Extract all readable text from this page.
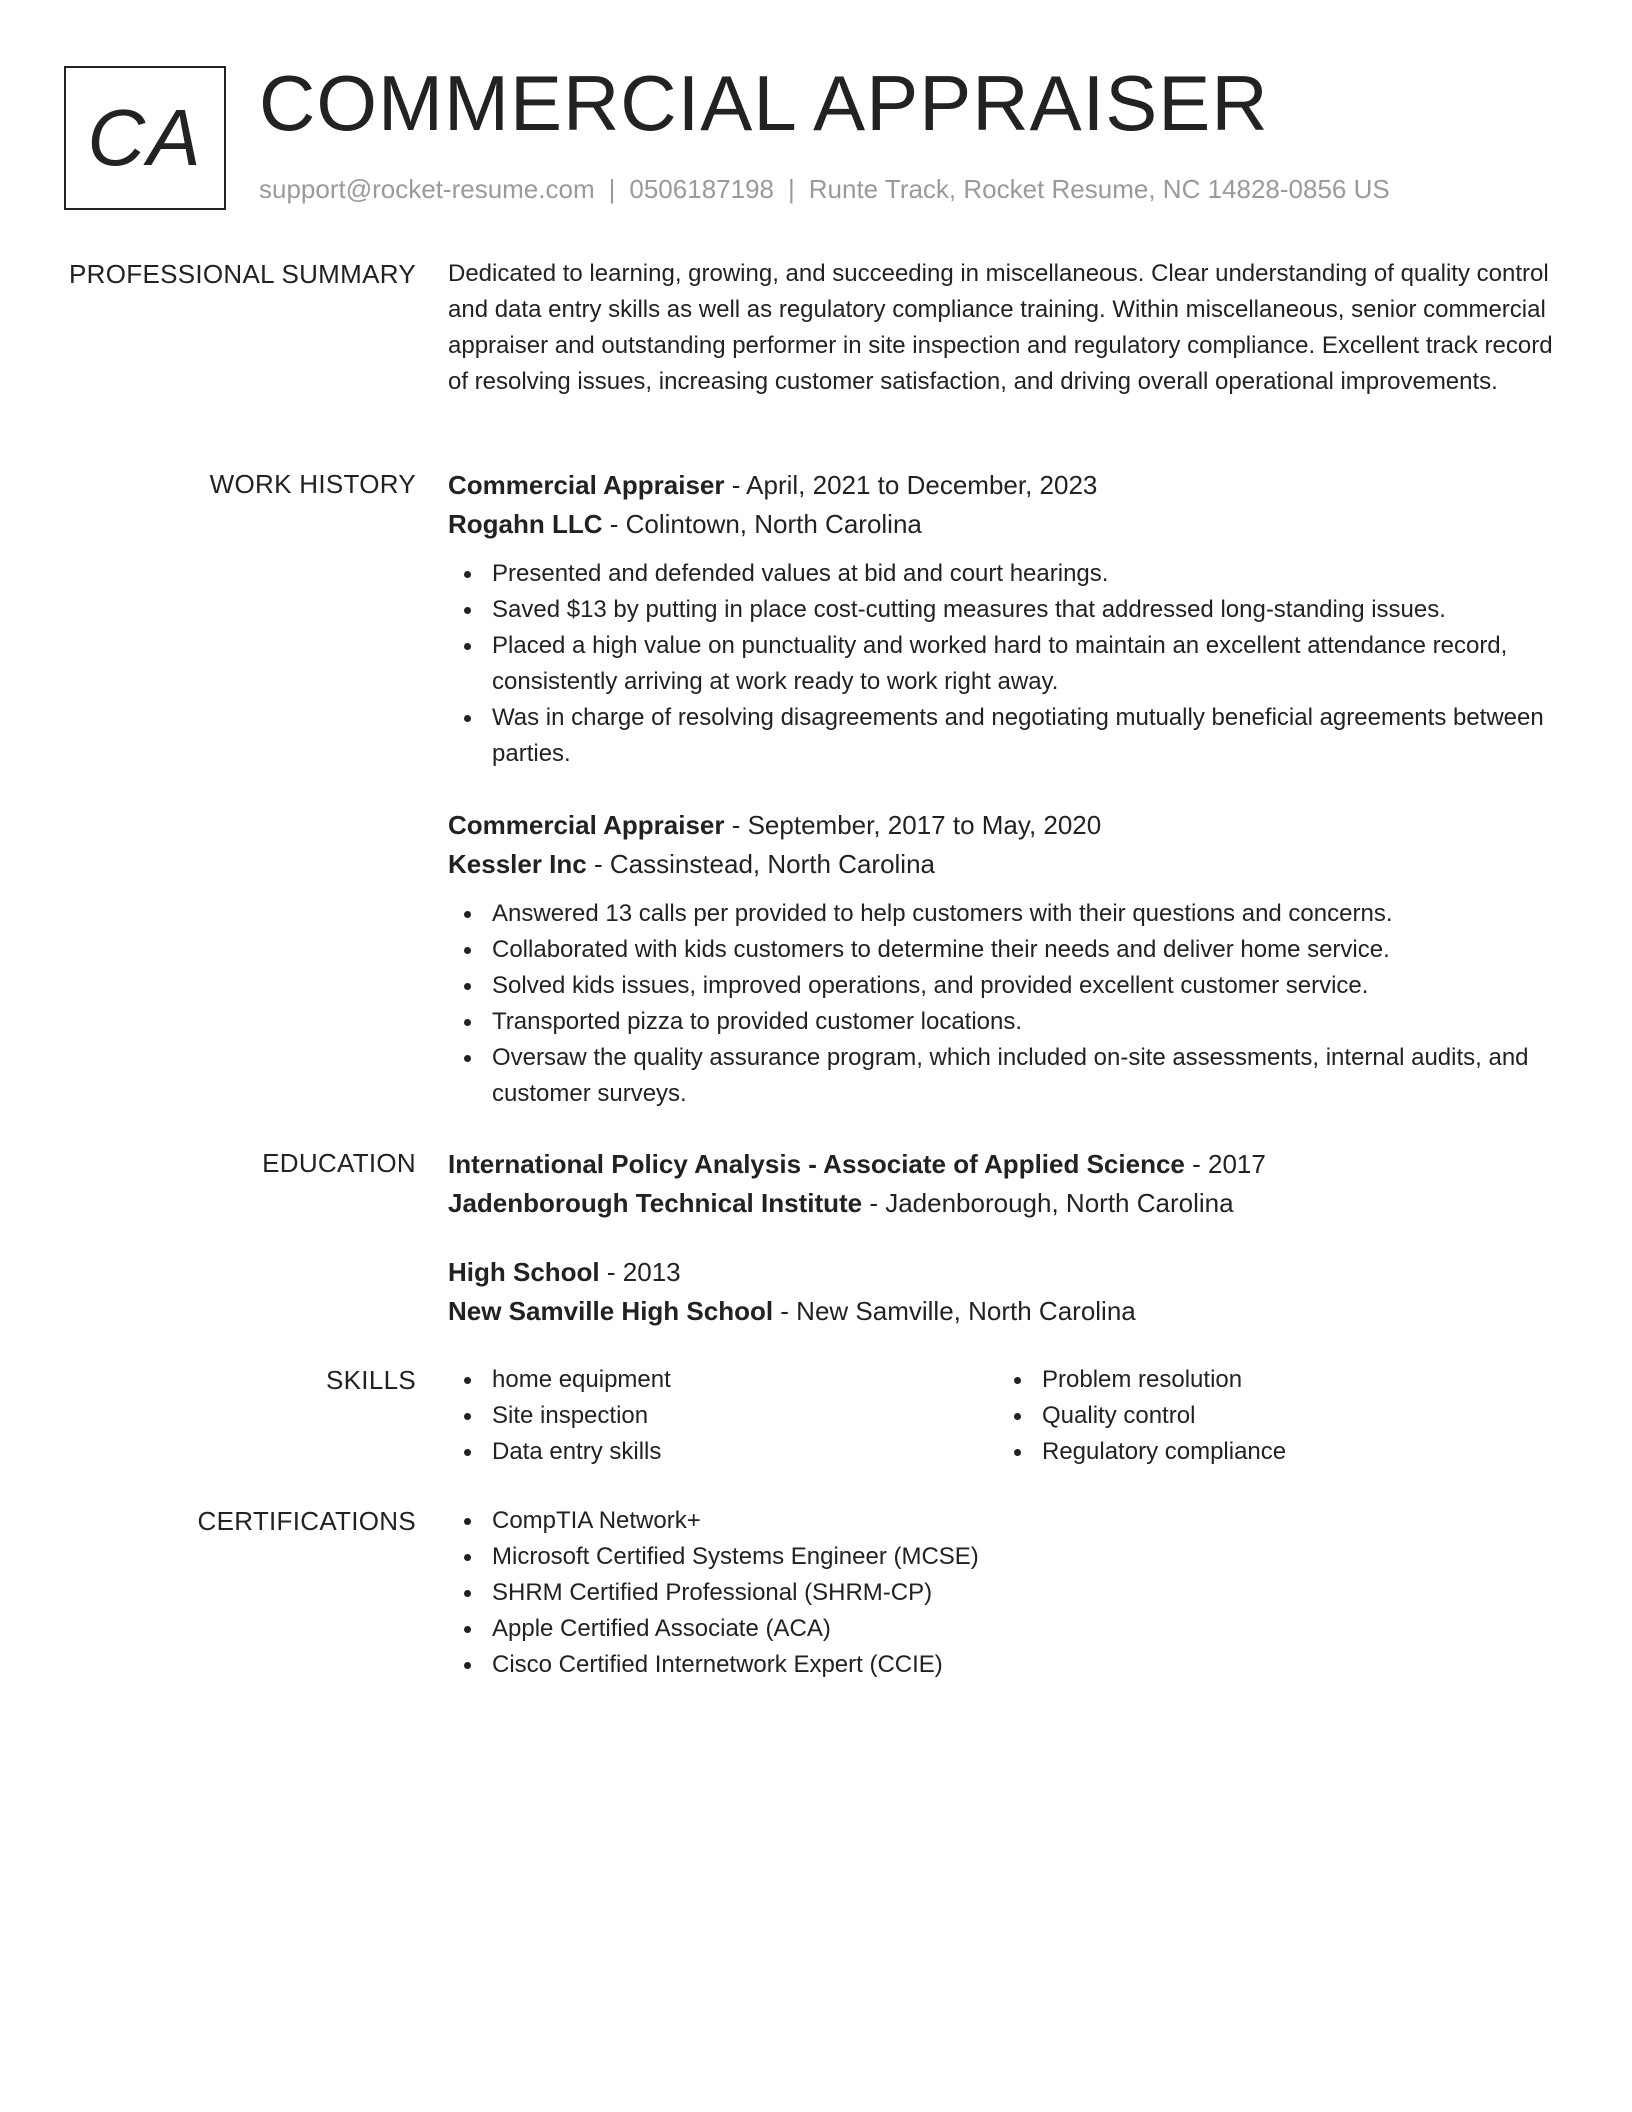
CA COMMERCIAL APPRAISER
support@rocket-resume.com | 0506187198 | Runte Track, Rocket Resume, NC 14828-0856 US
PROFESSIONAL SUMMARY Dedicated to learning, growing, and succeeding in miscellaneous. Clear understanding of quality control and data entry skills as well as regulatory compliance training. Within miscellaneous, senior commercial appraiser and outstanding performer in site inspection and regulatory compliance. Excellent track record of resolving issues, increasing customer satisfaction, and driving overall operational improvements.
WORK HISTORY Commercial Appraiser - April, 2021 to December, 2023
Rogahn LLC - Colintown, North Carolina
Presented and defended values at bid and court hearings.
Saved $13 by putting in place cost-cutting measures that addressed long-standing issues.
Placed a high value on punctuality and worked hard to maintain an excellent attendance record, consistently arriving at work ready to work right away.
Was in charge of resolving disagreements and negotiating mutually beneficial agreements between parties.
Commercial Appraiser - September, 2017 to May, 2020
Kessler Inc - Cassinstead, North Carolina
Answered 13 calls per provided to help customers with their questions and concerns.
Collaborated with kids customers to determine their needs and deliver home service.
Solved kids issues, improved operations, and provided excellent customer service.
Transported pizza to provided customer locations.
Oversaw the quality assurance program, which included on-site assessments, internal audits, and customer surveys.
EDUCATION International Policy Analysis - Associate of Applied Science - 2017
Jadenborough Technical Institute - Jadenborough, North Carolina
High School - 2013
New Samville High School - New Samville, North Carolina
SKILLS	home equipment
Site inspection
Data entry skills
Problem resolution
Quality control
Regulatory compliance
CERTIFICATIONS	CompTIA Network+
Microsoft Certified Systems Engineer (MCSE)
SHRM Certified Professional (SHRM-CP)
Apple Certified Associate (ACA)
Cisco Certified Internetwork Expert (CCIE)
